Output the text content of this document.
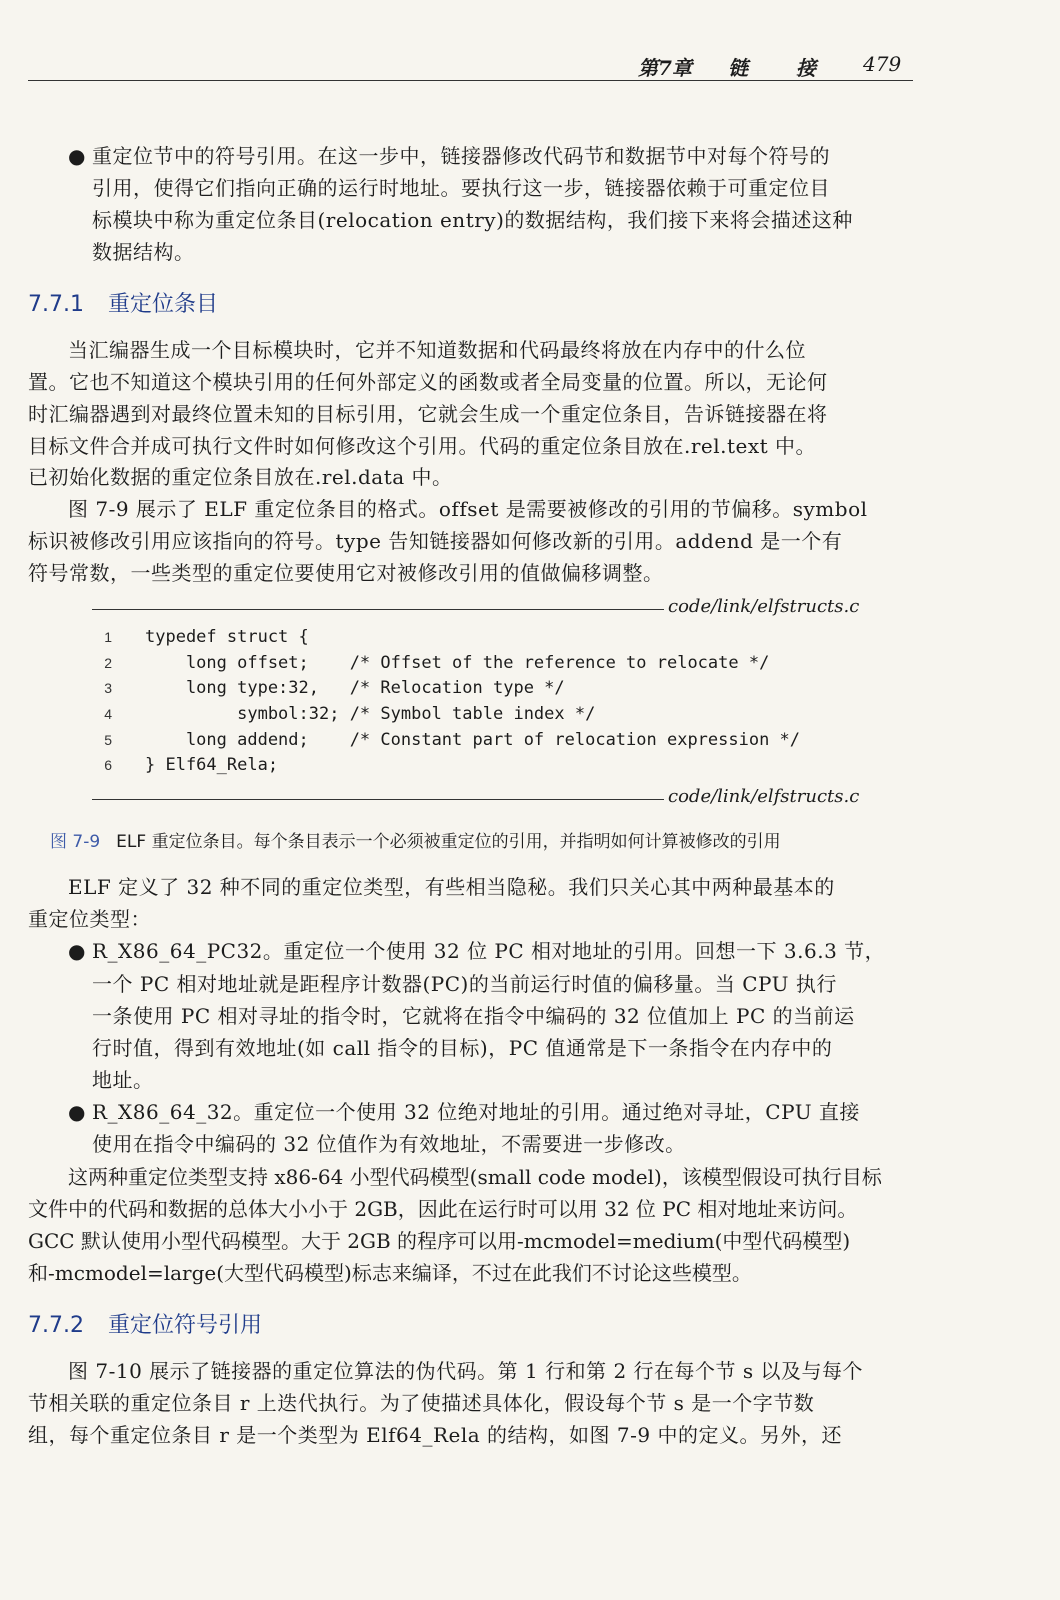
第7章 链 接 479
● 重定位节中的符号引用。在这一步中，链接器修改代码节和数据节中对每个符号的
引用，使得它们指向正确的运行时地址。要执行这一步，链接器依赖于可重定位目
标模块中称为重定位条目(relocation entry)的数据结构，我们接下来将会描述这种
数据结构。
7.7.1 重定位条目
当汇编器生成一个目标模块时，它并不知道数据和代码最终将放在内存中的什么位
置。它也不知道这个模块引用的任何外部定义的函数或者全局变量的位置。所以，无论何
时汇编器遇到对最终位置未知的目标引用，它就会生成一个重定位条目，告诉链接器在将
目标文件合并成可执行文件时如何修改这个引用。代码的重定位条目放在.rel.text 中。
已初始化数据的重定位条目放在.rel.data 中。
图 7-9 展示了 ELF 重定位条目的格式。offset 是需要被修改的引用的节偏移。symbol
标识被修改引用应该指向的符号。type 告知链接器如何修改新的引用。addend 是一个有
符号常数，一些类型的重定位要使用它对被修改引用的值做偏移调整。
code/link/elfstructs.c
1
2
3
4
5
6
typedef struct {
long offset;    /* Offset of the reference to relocate */
long type:32,   /* Relocation type */
symbol:32; /* Symbol table index */
long addend;    /* Constant part of relocation expression */
} Elf64_Rela;
code/link/elfstructs.c
图 7-9 ELF 重定位条目。每个条目表示一个必须被重定位的引用，并指明如何计算被修改的引用
ELF 定义了 32 种不同的重定位类型，有些相当隐秘。我们只关心其中两种最基本的
重定位类型：
● R_X86_64_PC32。重定位一个使用 32 位 PC 相对地址的引用。回想一下 3.6.3 节，
一个 PC 相对地址就是距程序计数器(PC)的当前运行时值的偏移量。当 CPU 执行
一条使用 PC 相对寻址的指令时，它就将在指令中编码的 32 位值加上 PC 的当前运
行时值，得到有效地址(如 call 指令的目标)，PC 值通常是下一条指令在内存中的
地址。
● R_X86_64_32。重定位一个使用 32 位绝对地址的引用。通过绝对寻址，CPU 直接
使用在指令中编码的 32 位值作为有效地址，不需要进一步修改。
这两种重定位类型支持 x86-64 小型代码模型(small code model)，该模型假设可执行目标
文件中的代码和数据的总体大小小于 2GB，因此在运行时可以用 32 位 PC 相对地址来访问。
GCC 默认使用小型代码模型。大于 2GB 的程序可以用-mcmodel=medium(中型代码模型)
和-mcmodel=large(大型代码模型)标志来编译，不过在此我们不讨论这些模型。
7.7.2 重定位符号引用
图 7-10 展示了链接器的重定位算法的伪代码。第 1 行和第 2 行在每个节 s 以及与每个
节相关联的重定位条目 r 上迭代执行。为了使描述具体化，假设每个节 s 是一个字节数
组，每个重定位条目 r 是一个类型为 Elf64_Rela 的结构，如图 7-9 中的定义。另外，还
